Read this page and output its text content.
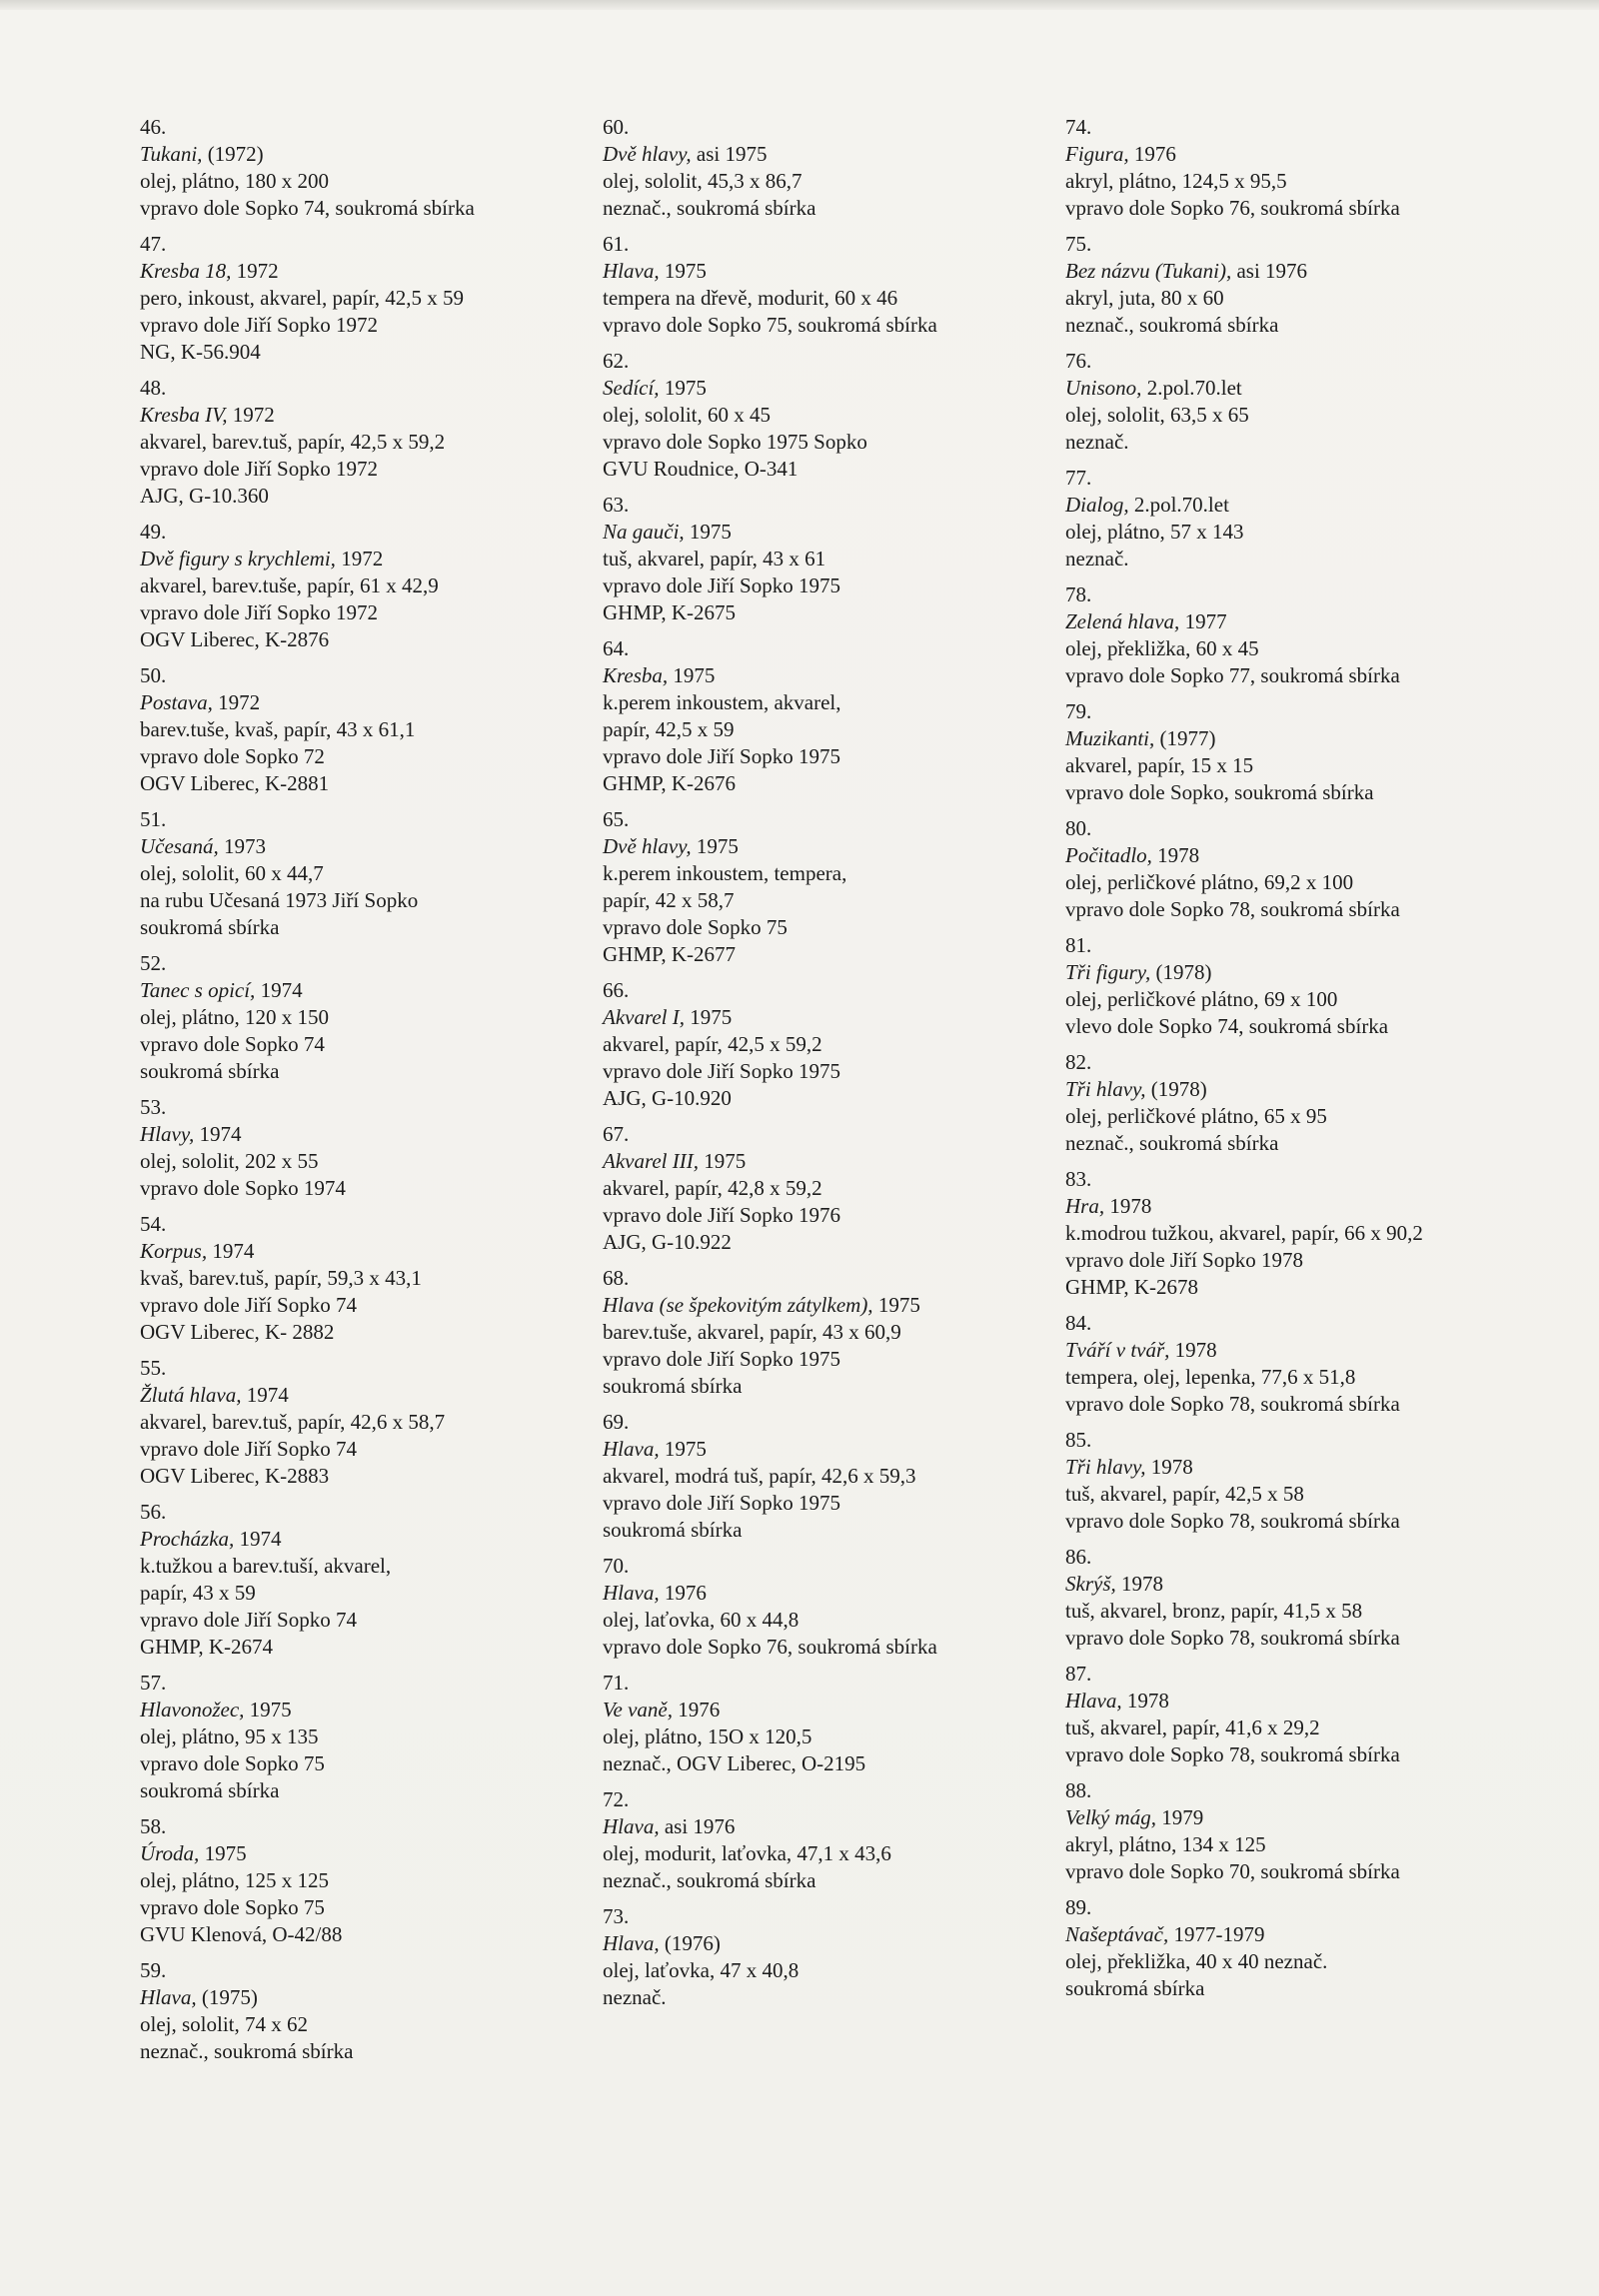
46.
Tukani, (1972)
olej, plátno, 180 x 200
vpravo dole Sopko 74, soukromá sbírka
47.
Kresba 18, 1972
pero, inkoust, akvarel, papír, 42,5 x 59
vpravo dole Jiří Sopko 1972
NG, K-56.904
48.
Kresba IV, 1972
akvarel, barev.tuš, papír, 42,5 x 59,2
vpravo dole Jiří Sopko 1972
AJG, G-10.360
49.
Dvě figury s krychlemi, 1972
akvarel, barev.tuše, papír, 61 x 42,9
vpravo dole Jiří Sopko 1972
OGV Liberec, K-2876
50.
Postava, 1972
barev.tuše, kvaš, papír, 43 x 61,1
vpravo dole Sopko 72
OGV Liberec, K-2881
51.
Učesaná, 1973
olej, sololit, 60 x 44,7
na rubu Učesaná 1973 Jiří Sopko
soukromá sbírka
52.
Tanec s opicí, 1974
olej, plátno, 120 x 150
vpravo dole Sopko 74
soukromá sbírka
53.
Hlavy, 1974
olej, sololit, 202 x 55
vpravo dole Sopko 1974
54.
Korpus, 1974
kvaš, barev.tuš, papír, 59,3 x 43,1
vpravo dole Jiří Sopko 74
OGV Liberec, K- 2882
55.
Žlutá hlava, 1974
akvarel, barev.tuš, papír, 42,6 x 58,7
vpravo dole Jiří Sopko 74
OGV Liberec, K-2883
56.
Procházka, 1974
k.tužkou a barev.tuší, akvarel,
papír, 43 x 59
vpravo dole Jiří Sopko 74
GHMP, K-2674
57.
Hlavonožec, 1975
olej, plátno, 95 x 135
vpravo dole Sopko 75
soukromá sbírka
58.
Úroda, 1975
olej, plátno, 125 x 125
vpravo dole Sopko 75
GVU Klenová, O-42/88
59.
Hlava, (1975)
olej, sololit, 74 x 62
neznač., soukromá sbírka
60.
Dvě hlavy, asi 1975
olej, sololit, 45,3 x 86,7
neznač., soukromá sbírka
61.
Hlava, 1975
tempera na dřevě, modurit, 60 x 46
vpravo dole Sopko 75, soukromá sbírka
62.
Sedící, 1975
olej, sololit, 60 x 45
vpravo dole Sopko 1975 Sopko
GVU Roudnice, O-341
63.
Na gauči, 1975
tuš, akvarel, papír, 43 x 61
vpravo dole Jiří Sopko 1975
GHMP, K-2675
64.
Kresba, 1975
k.perem inkoustem, akvarel,
papír, 42,5 x 59
vpravo dole Jiří Sopko 1975
GHMP, K-2676
65.
Dvě hlavy, 1975
k.perem inkoustem, tempera,
papír, 42 x 58,7
vpravo dole Sopko 75
GHMP, K-2677
66.
Akvarel I, 1975
akvarel, papír, 42,5 x 59,2
vpravo dole Jiří Sopko 1975
AJG, G-10.920
67.
Akvarel III, 1975
akvarel, papír, 42,8 x 59,2
vpravo dole Jiří Sopko 1976
AJG, G-10.922
68.
Hlava (se špekovitým zátylkem), 1975
barev.tuše, akvarel, papír, 43 x 60,9
vpravo dole Jiří Sopko 1975
soukromá sbírka
69.
Hlava, 1975
akvarel, modrá tuš, papír, 42,6 x 59,3
vpravo dole Jiří Sopko 1975
soukromá sbírka
70.
Hlava, 1976
olej, laťovka, 60 x 44,8
vpravo dole Sopko 76, soukromá sbírka
71.
Ve vaně, 1976
olej, plátno, 15O x 120,5
neznač., OGV Liberec, O-2195
72.
Hlava, asi 1976
olej, modurit, laťovka, 47,1 x 43,6
neznač., soukromá sbírka
73.
Hlava, (1976)
olej, laťovka, 47 x 40,8
neznač.
74.
Figura, 1976
akryl, plátno, 124,5 x 95,5
vpravo dole Sopko 76, soukromá sbírka
75.
Bez názvu (Tukani), asi 1976
akryl, juta, 80 x 60
neznač., soukromá sbírka
76.
Unisono, 2.pol.70.let
olej, sololit, 63,5 x 65
neznač.
77.
Dialog, 2.pol.70.let
olej, plátno, 57 x 143
neznač.
78.
Zelená hlava, 1977
olej, překližka, 60 x 45
vpravo dole Sopko 77, soukromá sbírka
79.
Muzikanti, (1977)
akvarel, papír, 15 x 15
vpravo dole Sopko, soukromá sbírka
80.
Počitadlo, 1978
olej, perličkové plátno, 69,2 x 100
vpravo dole Sopko 78, soukromá sbírka
81.
Tři figury, (1978)
olej, perličkové plátno, 69 x 100
vlevo dole Sopko 74, soukromá sbírka
82.
Tři hlavy, (1978)
olej, perličkové plátno, 65 x 95
neznač., soukromá sbírka
83.
Hra, 1978
k.modrou tužkou, akvarel, papír, 66 x 90,2
vpravo dole Jiří Sopko 1978
GHMP, K-2678
84.
Tváří v tvář, 1978
tempera, olej, lepenka, 77,6 x 51,8
vpravo dole Sopko 78, soukromá sbírka
85.
Tři hlavy, 1978
tuš, akvarel, papír, 42,5 x 58
vpravo dole Sopko 78, soukromá sbírka
86.
Skrýš, 1978
tuš, akvarel, bronz, papír, 41,5 x 58
vpravo dole Sopko 78, soukromá sbírka
87.
Hlava, 1978
tuš, akvarel, papír, 41,6 x 29,2
vpravo dole Sopko 78, soukromá sbírka
88.
Velký mág, 1979
akryl, plátno, 134 x 125
vpravo dole Sopko 70, soukromá sbírka
89.
Našeptávač, 1977-1979
olej, překližka, 40 x 40 neznač.
soukromá sbírka
